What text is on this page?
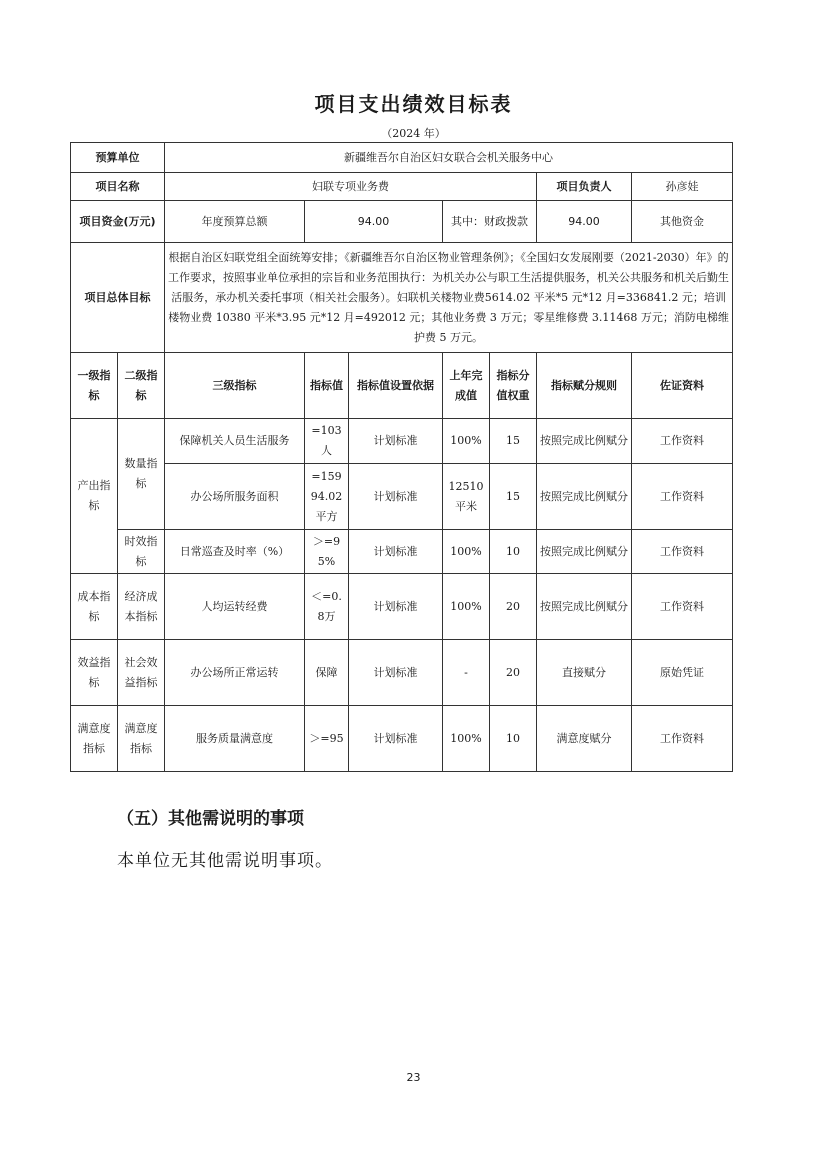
项目支出绩效目标表
（2024 年）
预算单位		新疆维吾尔自治区妇女联合会机关服务中心						
项目名称		妇联专项业务费					项目负责人	孙彦娃
项目资金(万元)		年度预算总额	94.00		其中：财政拨款		94.00	其他资金
项目总体目标		根据自治区妇联党组全面统筹安排；《新疆维吾尔自治区物业管理条例》；《全国妇女发展刚要（2021-2030）年》的工作要求，按照事业单位承担的宗旨和业务范围执行：为机关办公与职工生活提供服务，机关公共服务和机关后勤生活服务，承办机关委托事项（相关社会服务）。妇联机关楼物业费5614.02 平米*5 元*12 月=336841.2 元；培训楼物业费 10380 平米*3.95 元*12 月=492012 元；其他业务费 3 万元；零星维修费 3.11468 万元；消防电梯维护费 5 万元。						
一级指标	二级指标	三级指标	指标值	指标值设置依据	上年完成值	指标分值权重	指标赋分规则	佐证资料
产出指标	数量指标	保障机关人员生活服务	=103人	计划标准	100%	15	按照完成比例赋分	工作资料
		办公场所服务面积	=15994.02平方	计划标准	12510平米	15	按照完成比例赋分	工作资料
	时效指标	日常巡查及时率（%）	＞=95%	计划标准	100%	10	按照完成比例赋分	工作资料
成本指标	经济成本指标	人均运转经费	＜=0.8万	计划标准	100%	20	按照完成比例赋分	工作资料
效益指标	社会效益指标	办公场所正常运转	保障	计划标准	-	20	直接赋分	原始凭证
满意度指标	满意度指标	服务质量满意度	＞=95	计划标准	100%	10	满意度赋分	工作资料
（五）其他需说明的事项
本单位无其他需说明事项。
23
